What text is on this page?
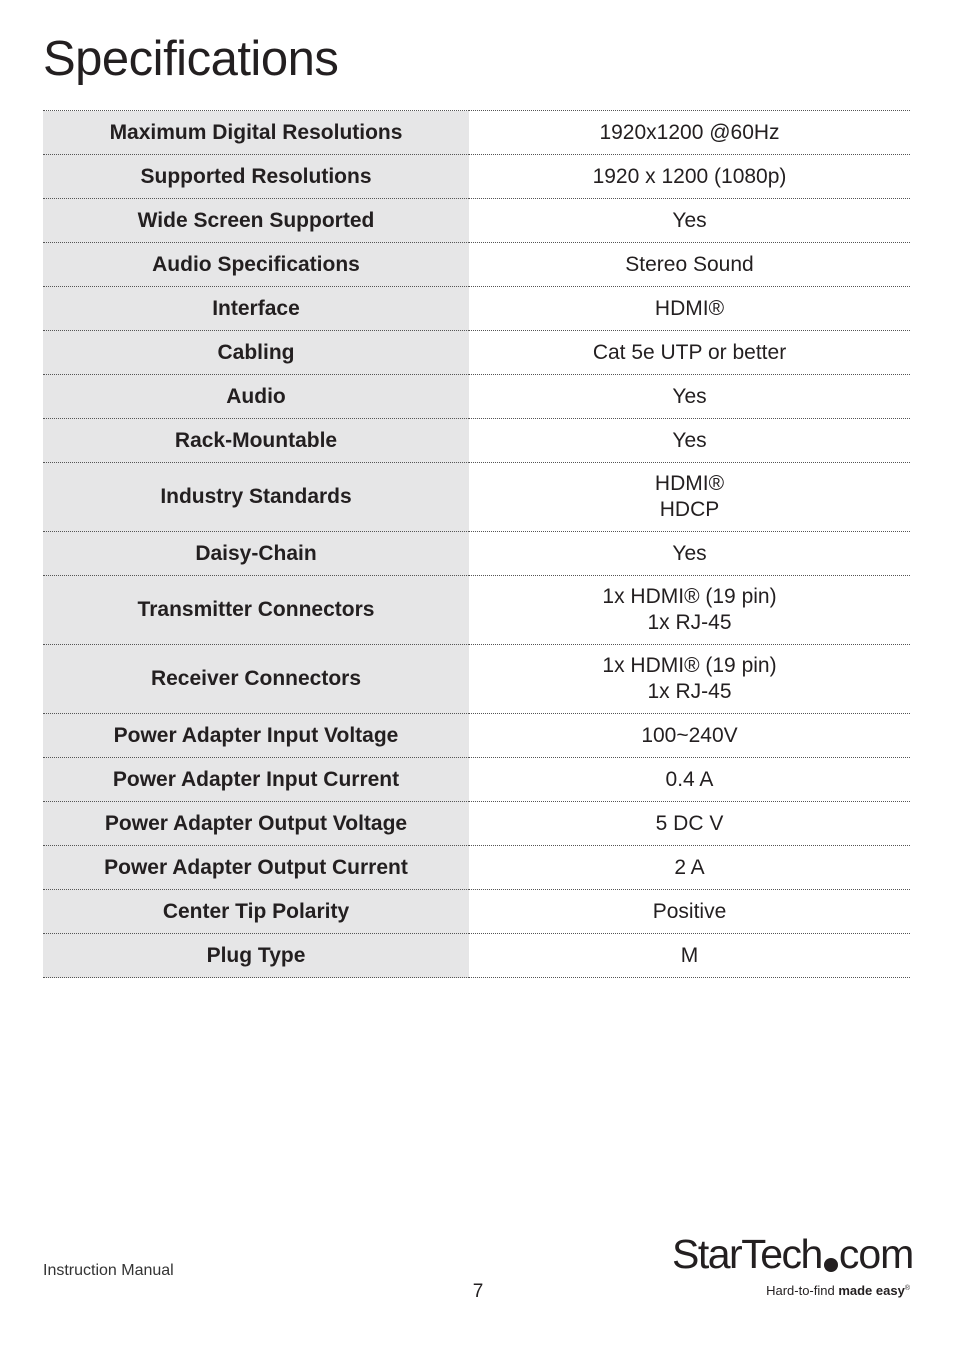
Specifications
Maximum Digital Resolutions	1920x1200 @60Hz

Supported Resolutions	1920 x 1200 (1080p)

Wide Screen Supported	Yes

Audio Specifications	Stereo Sound

Interface	HDMI®

Cabling	Cat 5e UTP or better

Audio	Yes

Rack-Mountable	Yes

Industry Standards	HDMI®
HDCP

Daisy-Chain	Yes

Transmitter Connectors	1x HDMI® (19 pin)
1x RJ-45

Receiver Connectors	1x HDMI® (19 pin)
1x RJ-45

Power Adapter Input Voltage	100~240V

Power Adapter Input Current	0.4 A

Power Adapter Output Voltage	5 DC V

Power Adapter Output Current	2 A

Center Tip Polarity	Positive

Plug Type	M
Instruction Manual
7
StarTech com
Hard-to-find made easy®
